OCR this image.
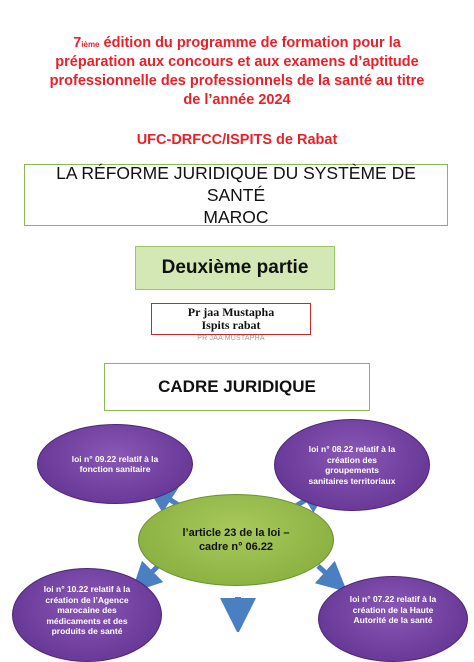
7ième édition du programme de formation pour la
préparation aux concours et aux examens d’aptitude
professionnelle des professionnels de la santé au titre
de l’année 2024
UFC-DRFCC/ISPITS de Rabat
LA RÉFORME JURIDIQUE DU SYSTÈME DE SANTÉ
MAROC
Deuxième partie
Pr jaa Mustapha
Ispits rabat
PR JAA MUSTAPHA
CADRE JURIDIQUE
loi n° 09.22 relatif à la
fonction sanitaire
loi n° 08.22 relatif à la
création des
groupements
sanitaires territoriaux
l’article 23 de la loi –
cadre n° 06.22
loi n° 10.22 relatif à la
création de l’Agence
marocaine des
médicaments et des
produits de santé
loi n° 07.22 relatif à la
création de la Haute
Autorité de la santé
